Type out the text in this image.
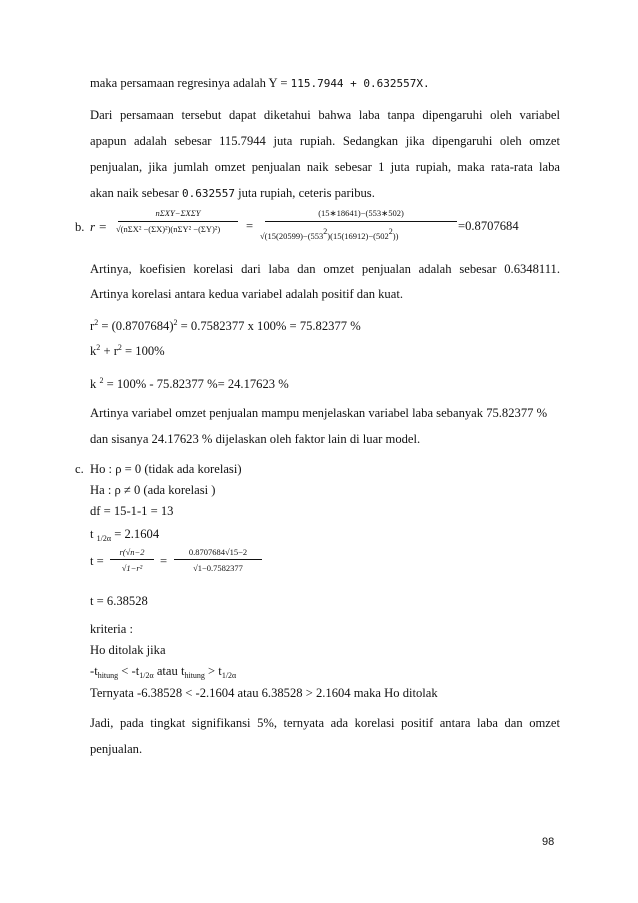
maka persamaan regresinya adalah Y = 115.7944 + 0.632557X.
Dari persamaan tersebut dapat diketahui bahwa laba tanpa dipengaruhi oleh variabel
apapun adalah sebesar 115.7944 juta rupiah. Sedangkan jika dipengaruhi oleh omzet
penjualan, jika jumlah omzet penjualan naik sebesar 1 juta rupiah, maka rata-rata laba
akan naik sebesar 0.632557 juta rupiah, ceteris paribus.
b. r =
nΣXY−ΣXΣY
√(nΣX² −(ΣX)²)(nΣY² −(ΣY)²) =
(15∗18641)−(553∗502)
$√(15(20599)-(553^2)(15(16912)-(502^2))$
=0.8707684
Artinya, koefisien korelasi dari laba dan omzet penjualan adalah sebesar 0.6348111.
Artinya korelasi antara kedua variabel adalah positif dan kuat.
$r^2 = (0.8707684)^2 = 0.7582377$ x 100% = 75.82377 %
$k^2 + r^2 = 100\%$
k $^2$ = 100% - 75.82377 %= 24.17623 %
Artinya variabel omzet penjualan mampu menjelaskan variabel laba sebanyak 75.82377 %
dan sisanya 24.17623 % dijelaskan oleh faktor lain di luar model.
c. Ho : ρ = 0 (tidak ada korelasi)
Ha : ρ ≠ 0 (ada korelasi )
df = 15-1-1 = 13
t $_{1/2\alpha}$ = 2.1604
t =
r(√n−2
√1−r²	=
0.8707684√15−2
√1−0.7582377
t = 6.38528
kriteria :
Ho ditolak jika
$-t_{hitung} < -t_{1/2\alpha}$ atau $t_{hitung} > t_{1/2\alpha}$
Ternyata -6.38528 < -2.1604 atau 6.38528 > 2.1604 maka Ho ditolak
Jadi, pada tingkat signifikansi 5%, ternyata ada korelasi positif antara laba dan omzet
penjualan.
98
